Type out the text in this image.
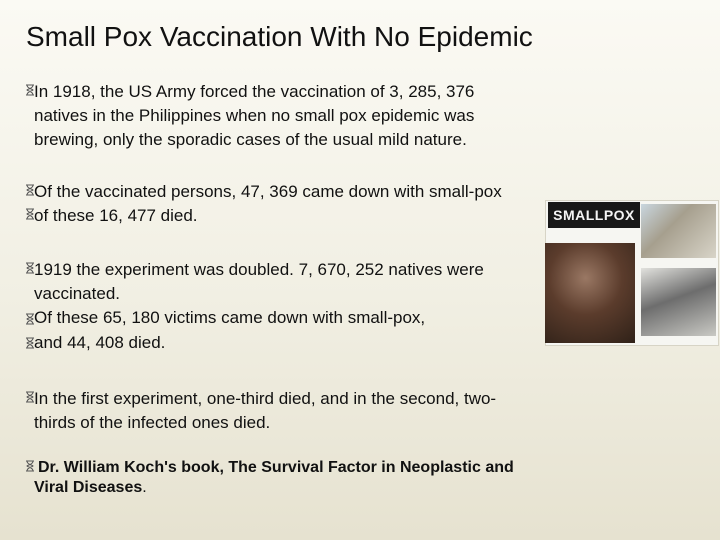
Small Pox Vaccination With No Epidemic
In 1918, the US Army forced the vaccination of 3, 285, 376
natives in the Philippines when no small pox epidemic was
brewing, only the sporadic cases of the usual mild nature.
Of the vaccinated persons, 47, 369 came down with small-pox
of these 16, 477 died.	SMALLPOX
1919 the experiment was doubled. 7, 670, 252 natives were
vaccinated.
Of these 65, 180 victims came down with small-pox,
and 44, 408 died.
In the first experiment, one-third died, and in the second, two-
thirds of the infected ones died.
Dr. William Koch's book, The Survival Factor in Neoplastic and
Viral Diseases.
